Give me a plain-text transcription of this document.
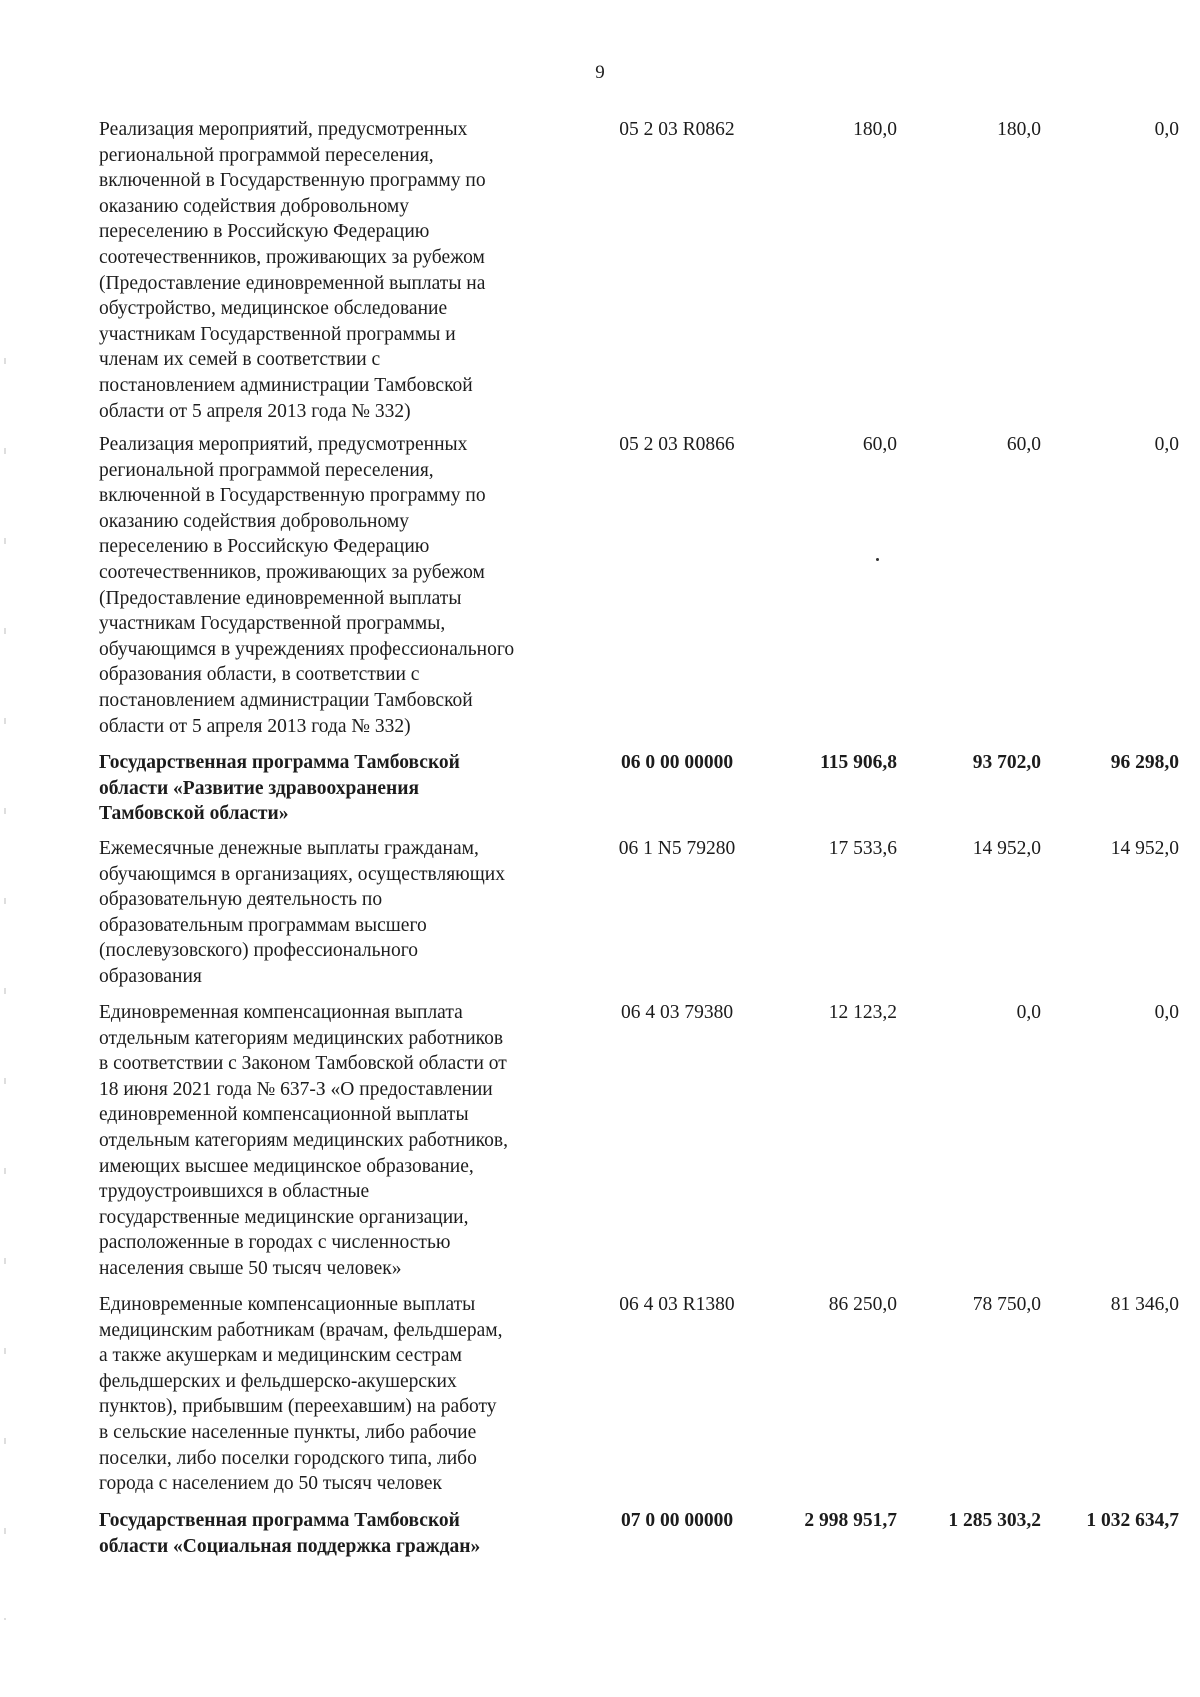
9
Реализация мероприятий, предусмотренных
региональной программой переселения,
включенной в Государственную программу по
оказанию содействия добровольному
переселению в Российскую Федерацию
соотечественников, проживающих за рубежом
(Предоставление единовременной выплаты на
обустройство, медицинское обследование
участникам Государственной программы и
членам их семей в соответствии с
постановлением администрации Тамбовской
области от 5 апреля 2013 года № 332)
05 2 03 R0862	180,0	180,0	0,0
Реализация мероприятий, предусмотренных
региональной программой переселения,
включенной в Государственную программу по
оказанию содействия добровольному
переселению в Российскую Федерацию
соотечественников, проживающих за рубежом
(Предоставление единовременной выплаты
участникам Государственной программы,
обучающимся в учреждениях профессионального
образования области, в соответствии с
постановлением администрации Тамбовской
области от 5 апреля 2013 года № 332)
05 2 03 R0866	60,0	60,0	0,0
Государственная программа Тамбовской
области «Развитие здравоохранения
Тамбовской области»
06 0 00 00000	115 906,8	93 702,0	96 298,0
Ежемесячные денежные выплаты гражданам,
обучающимся в организациях, осуществляющих
образовательную деятельность по
образовательным программам высшего
(послевузовского) профессионального
образования
06 1 N5 79280	17 533,6	14 952,0	14 952,0
Единовременная компенсационная выплата
отдельным категориям медицинских работников
в соответствии с Законом Тамбовской области от
18 июня 2021 года № 637-З «О предоставлении
единовременной компенсационной выплаты
отдельным категориям медицинских работников,
имеющих высшее медицинское образование,
трудоустроившихся в областные
государственные медицинские организации,
расположенные в городах с численностью
населения свыше 50 тысяч человек»
06 4 03 79380	12 123,2	0,0	0,0
Единовременные компенсационные выплаты
медицинским работникам (врачам, фельдшерам,
а также акушеркам и медицинским сестрам
фельдшерских и фельдшерско-акушерских
пунктов), прибывшим (переехавшим) на работу
в сельские населенные пункты, либо рабочие
поселки, либо поселки городского типа, либо
города с населением до 50 тысяч человек
06 4 03 R1380	86 250,0	78 750,0	81 346,0
Государственная программа Тамбовской
области «Социальная поддержка граждан»
07 0 00 00000	2 998 951,7	1 285 303,2	1 032 634,7
